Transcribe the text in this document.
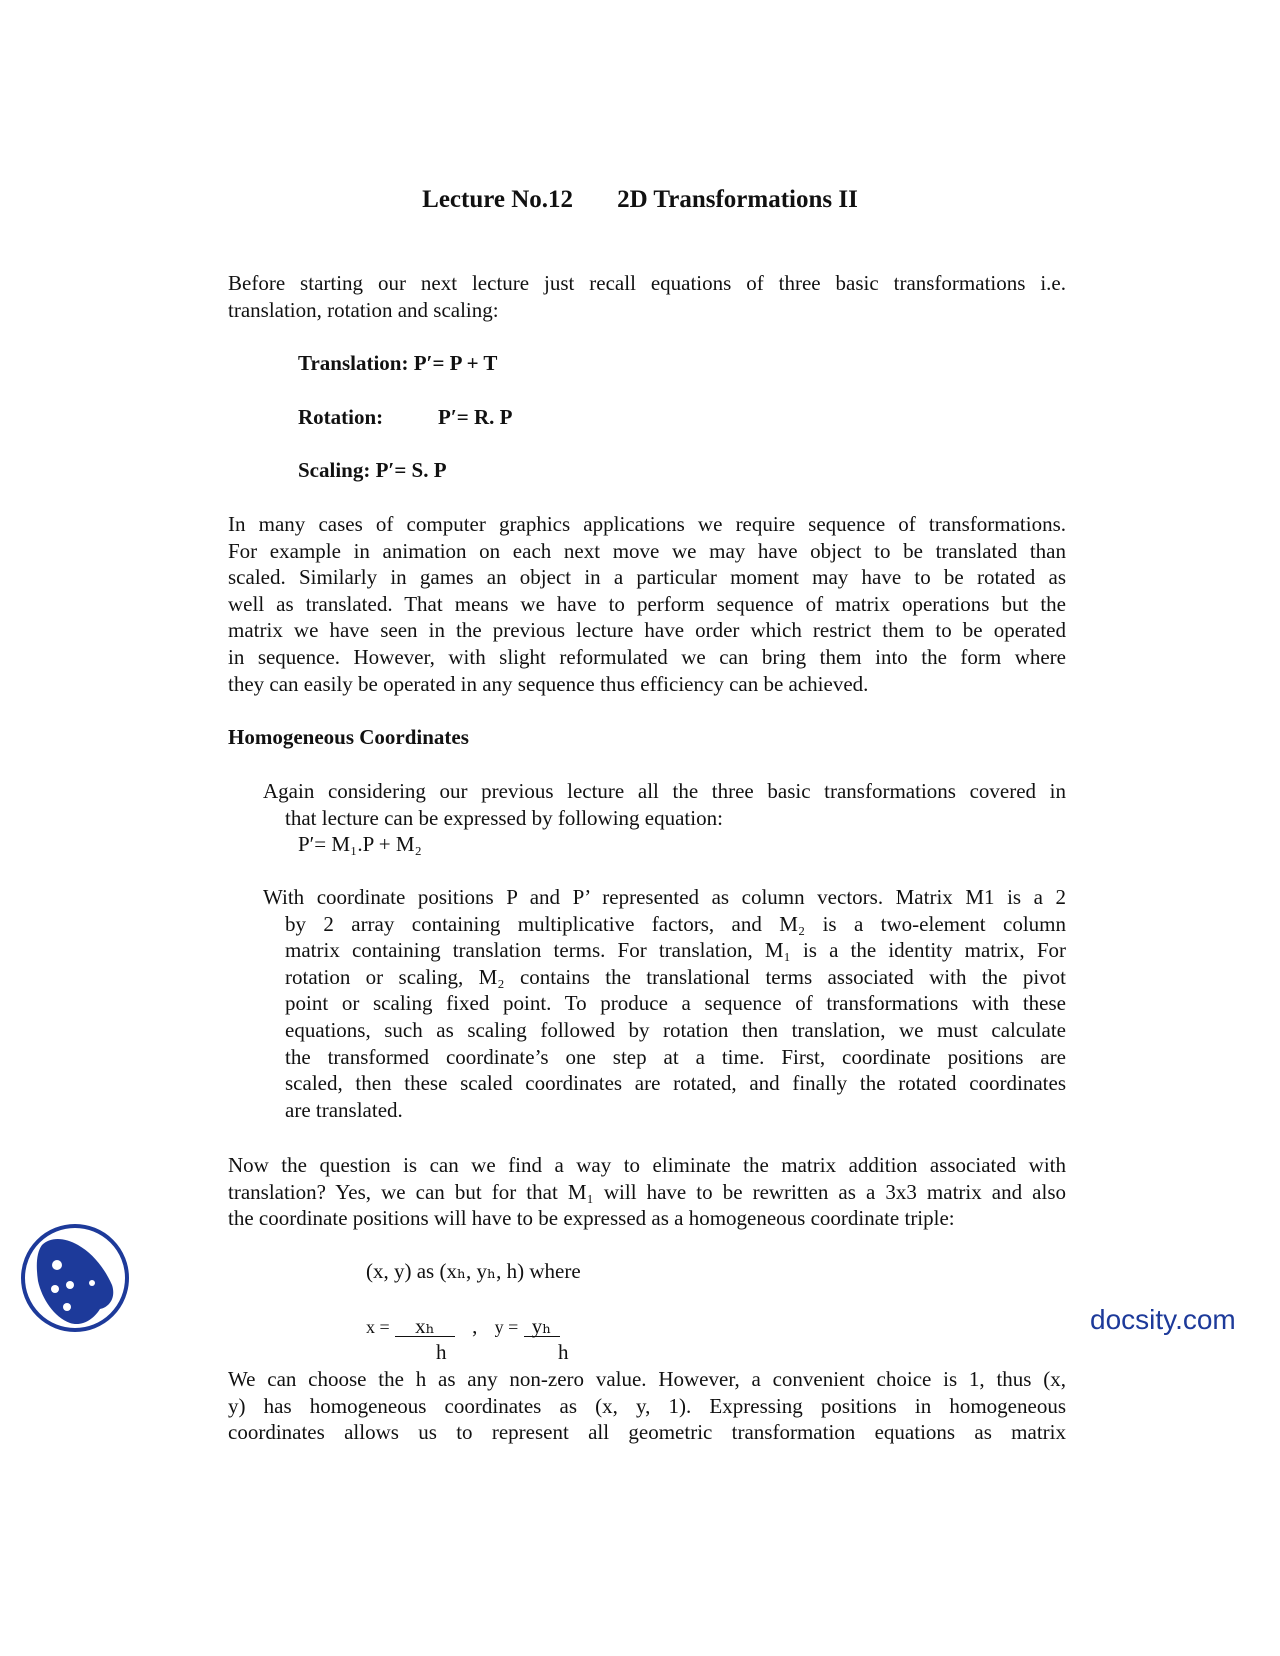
Lecture No.12 2D Transformations II
Before starting our next lecture just recall equations of three basic transformations i.e.
translation, rotation and scaling:
Translation: P′= P + T
Rotation:	P′= R. P
Scaling: P′= S. P
In many cases of computer graphics applications we require sequence of transformations.
For example in animation on each next move we may have object to be translated than
scaled. Similarly in games an object in a particular moment may have to be rotated as
well as translated. That means we have to perform sequence of matrix operations but the
matrix we have seen in the previous lecture have order which restrict them to be operated
in sequence. However, with slight reformulated we can bring them into the form where
they can easily be operated in any sequence thus efficiency can be achieved.
Homogeneous Coordinates
Again considering our previous lecture all the three basic transformations covered in
that lecture can be expressed by following equation:
P′= M₁.P + M₂
With coordinate positions P and P’ represented as column vectors. Matrix M1 is a 2
by 2 array containing multiplicative factors, and M₂ is a two-element column
matrix containing translation terms. For translation, M₁ is a the identity matrix, For
rotation or scaling, M₂ contains the translational terms associated with the pivot
point or scaling fixed point. To produce a sequence of transformations with these
equations, such as scaling followed by rotation then translation, we must calculate
the transformed coordinate’s one step at a time. First, coordinate positions are
scaled, then these scaled coordinates are rotated, and finally the rotated coordinates
are translated.
Now the question is can we find a way to eliminate the matrix addition associated with
translation? Yes, we can but for that M₁ will have to be rewritten as a 3x3 matrix and also
the coordinate positions will have to be expressed as a homogeneous coordinate triple:
(x, y) as (xₕ, yₕ, h) where
x = xₕ , y = yₕ
h	h
We can choose the h as any non-zero value. However, a convenient choice is 1, thus (x,
y) has homogeneous coordinates as (x, y, 1). Expressing positions in homogeneous
coordinates allows us to represent all geometric transformation equations as matrix
docsity.com
